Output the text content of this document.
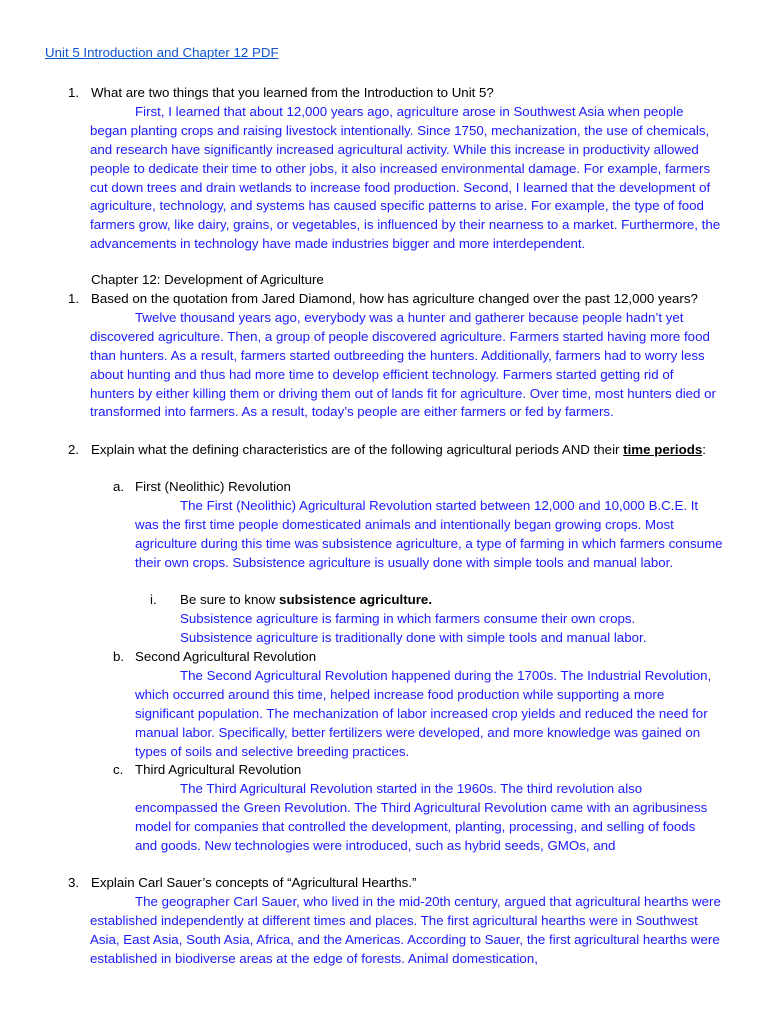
Unit 5 Introduction and Chapter 12 PDF
1. What are two things that you learned from the Introduction to Unit 5?
First, I learned that about 12,000 years ago, agriculture arose in Southwest Asia when people began planting crops and raising livestock intentionally. Since 1750, mechanization, the use of chemicals, and research have significantly increased agricultural activity. While this increase in productivity allowed people to dedicate their time to other jobs, it also increased environmental damage. For example, farmers cut down trees and drain wetlands to increase food production. Second, I learned that the development of agriculture, technology, and systems has caused specific patterns to arise. For example, the type of food farmers grow, like dairy, grains, or vegetables, is influenced by their nearness to a market. Furthermore, the advancements in technology have made industries bigger and more interdependent.
Chapter 12: Development of Agriculture
1. Based on the quotation from Jared Diamond, how has agriculture changed over the past 12,000 years?
Twelve thousand years ago, everybody was a hunter and gatherer because people hadn’t yet discovered agriculture. Then, a group of people discovered agriculture. Farmers started having more food than hunters. As a result, farmers started outbreeding the hunters. Additionally, farmers had to worry less about hunting and thus had more time to develop efficient technology. Farmers started getting rid of hunters by either killing them or driving them out of lands fit for agriculture. Over time, most hunters died or transformed into farmers. As a result, today’s people are either farmers or fed by farmers.
2. Explain what the defining characteristics are of the following agricultural periods AND their time periods:
a. First (Neolithic) Revolution
The First (Neolithic) Agricultural Revolution started between 12,000 and 10,000 B.C.E. It was the first time people domesticated animals and intentionally began growing crops. Most agriculture during this time was subsistence agriculture, a type of farming in which farmers consume their own crops. Subsistence agriculture is usually done with simple tools and manual labor.
i. Be sure to know subsistence agriculture.
Subsistence agriculture is farming in which farmers consume their own crops.
Subsistence agriculture is traditionally done with simple tools and manual labor.
b. Second Agricultural Revolution
The Second Agricultural Revolution happened during the 1700s. The Industrial Revolution, which occurred around this time, helped increase food production while supporting a more significant population. The mechanization of labor increased crop yields and reduced the need for manual labor. Specifically, better fertilizers were developed, and more knowledge was gained on types of soils and selective breeding practices.
c. Third Agricultural Revolution
The Third Agricultural Revolution started in the 1960s. The third revolution also encompassed the Green Revolution. The Third Agricultural Revolution came with an agribusiness model for companies that controlled the development, planting, processing, and selling of foods and goods. New technologies were introduced, such as hybrid seeds, GMOs, and
3. Explain Carl Sauer’s concepts of “Agricultural Hearths.”
The geographer Carl Sauer, who lived in the mid-20th century, argued that agricultural hearths were established independently at different times and places. The first agricultural hearths were in Southwest Asia, East Asia, South Asia, Africa, and the Americas. According to Sauer, the first agricultural hearths were established in biodiverse areas at the edge of forests. Animal domestication,
